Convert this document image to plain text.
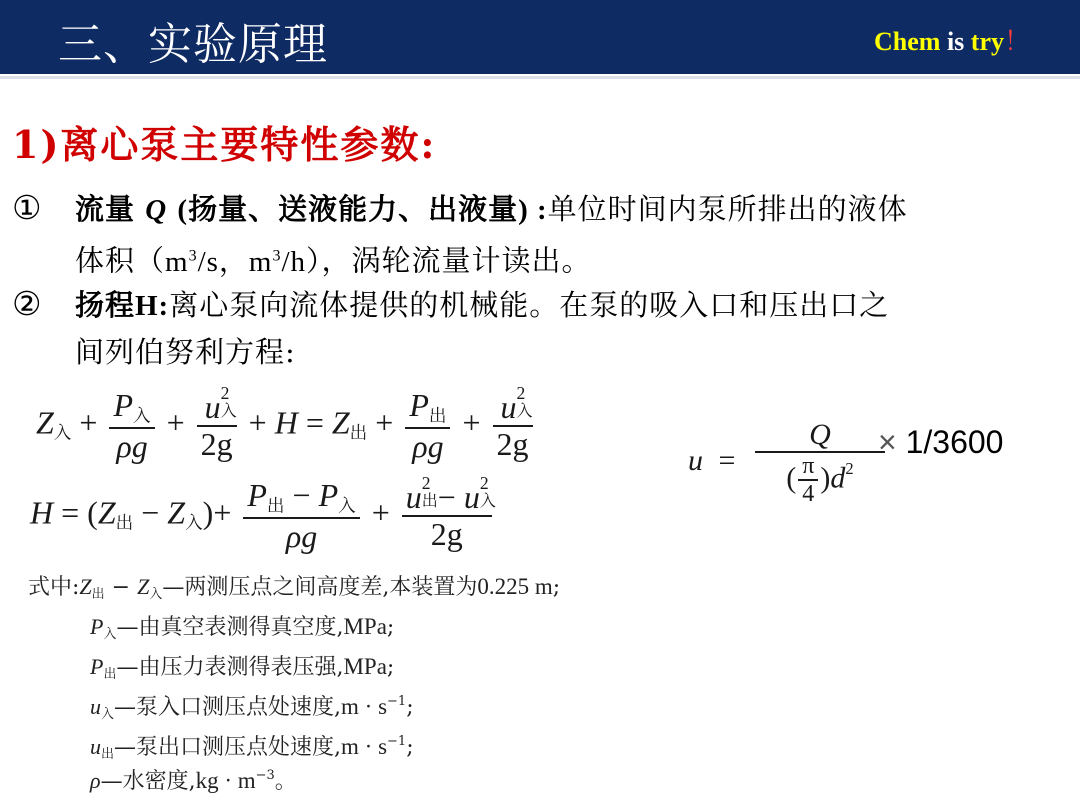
三、实验原理	Chem is try！
1)离心泵主要特性参数:
① 流量 Q (扬量、送液能力、出液量) :单位时间内泵所排出的液体
体积（$m^3/s$，$m^3/h$），涡轮流量计读出。
② 扬程H:离心泵向流体提供的机械能。在泵的吸入口和压出口之
间列伯努利方程:
$Z_入 + \frac{P_入}{\rho g} + u$ 2
入

$2g + H = Z_出 + \frac{P_出}{\rho g} + u$ 2
入

2g
$H = (Z_出 - Z_入)+ \frac{P_出 - P_入}{\rho g} + u$ 2
出 − u 2
入

2g
$u = \frac{Q}{( \frac{\pi}{4} )d^2}$
× 1/3600
式中:Z出 − Z入—两测压点之间高度差,本装置为0.225 m;
P入—由真空表测得真空度,MPa;
P出—由压力表测得表压强,MPa;
u入—泵入口测压点处速度$,m \cdot s^{-1}$;
u出—泵出口测压点处速度$,m \cdot s^{-1}$;
ρ—水密度$,kg \cdot m^{-3}$。
